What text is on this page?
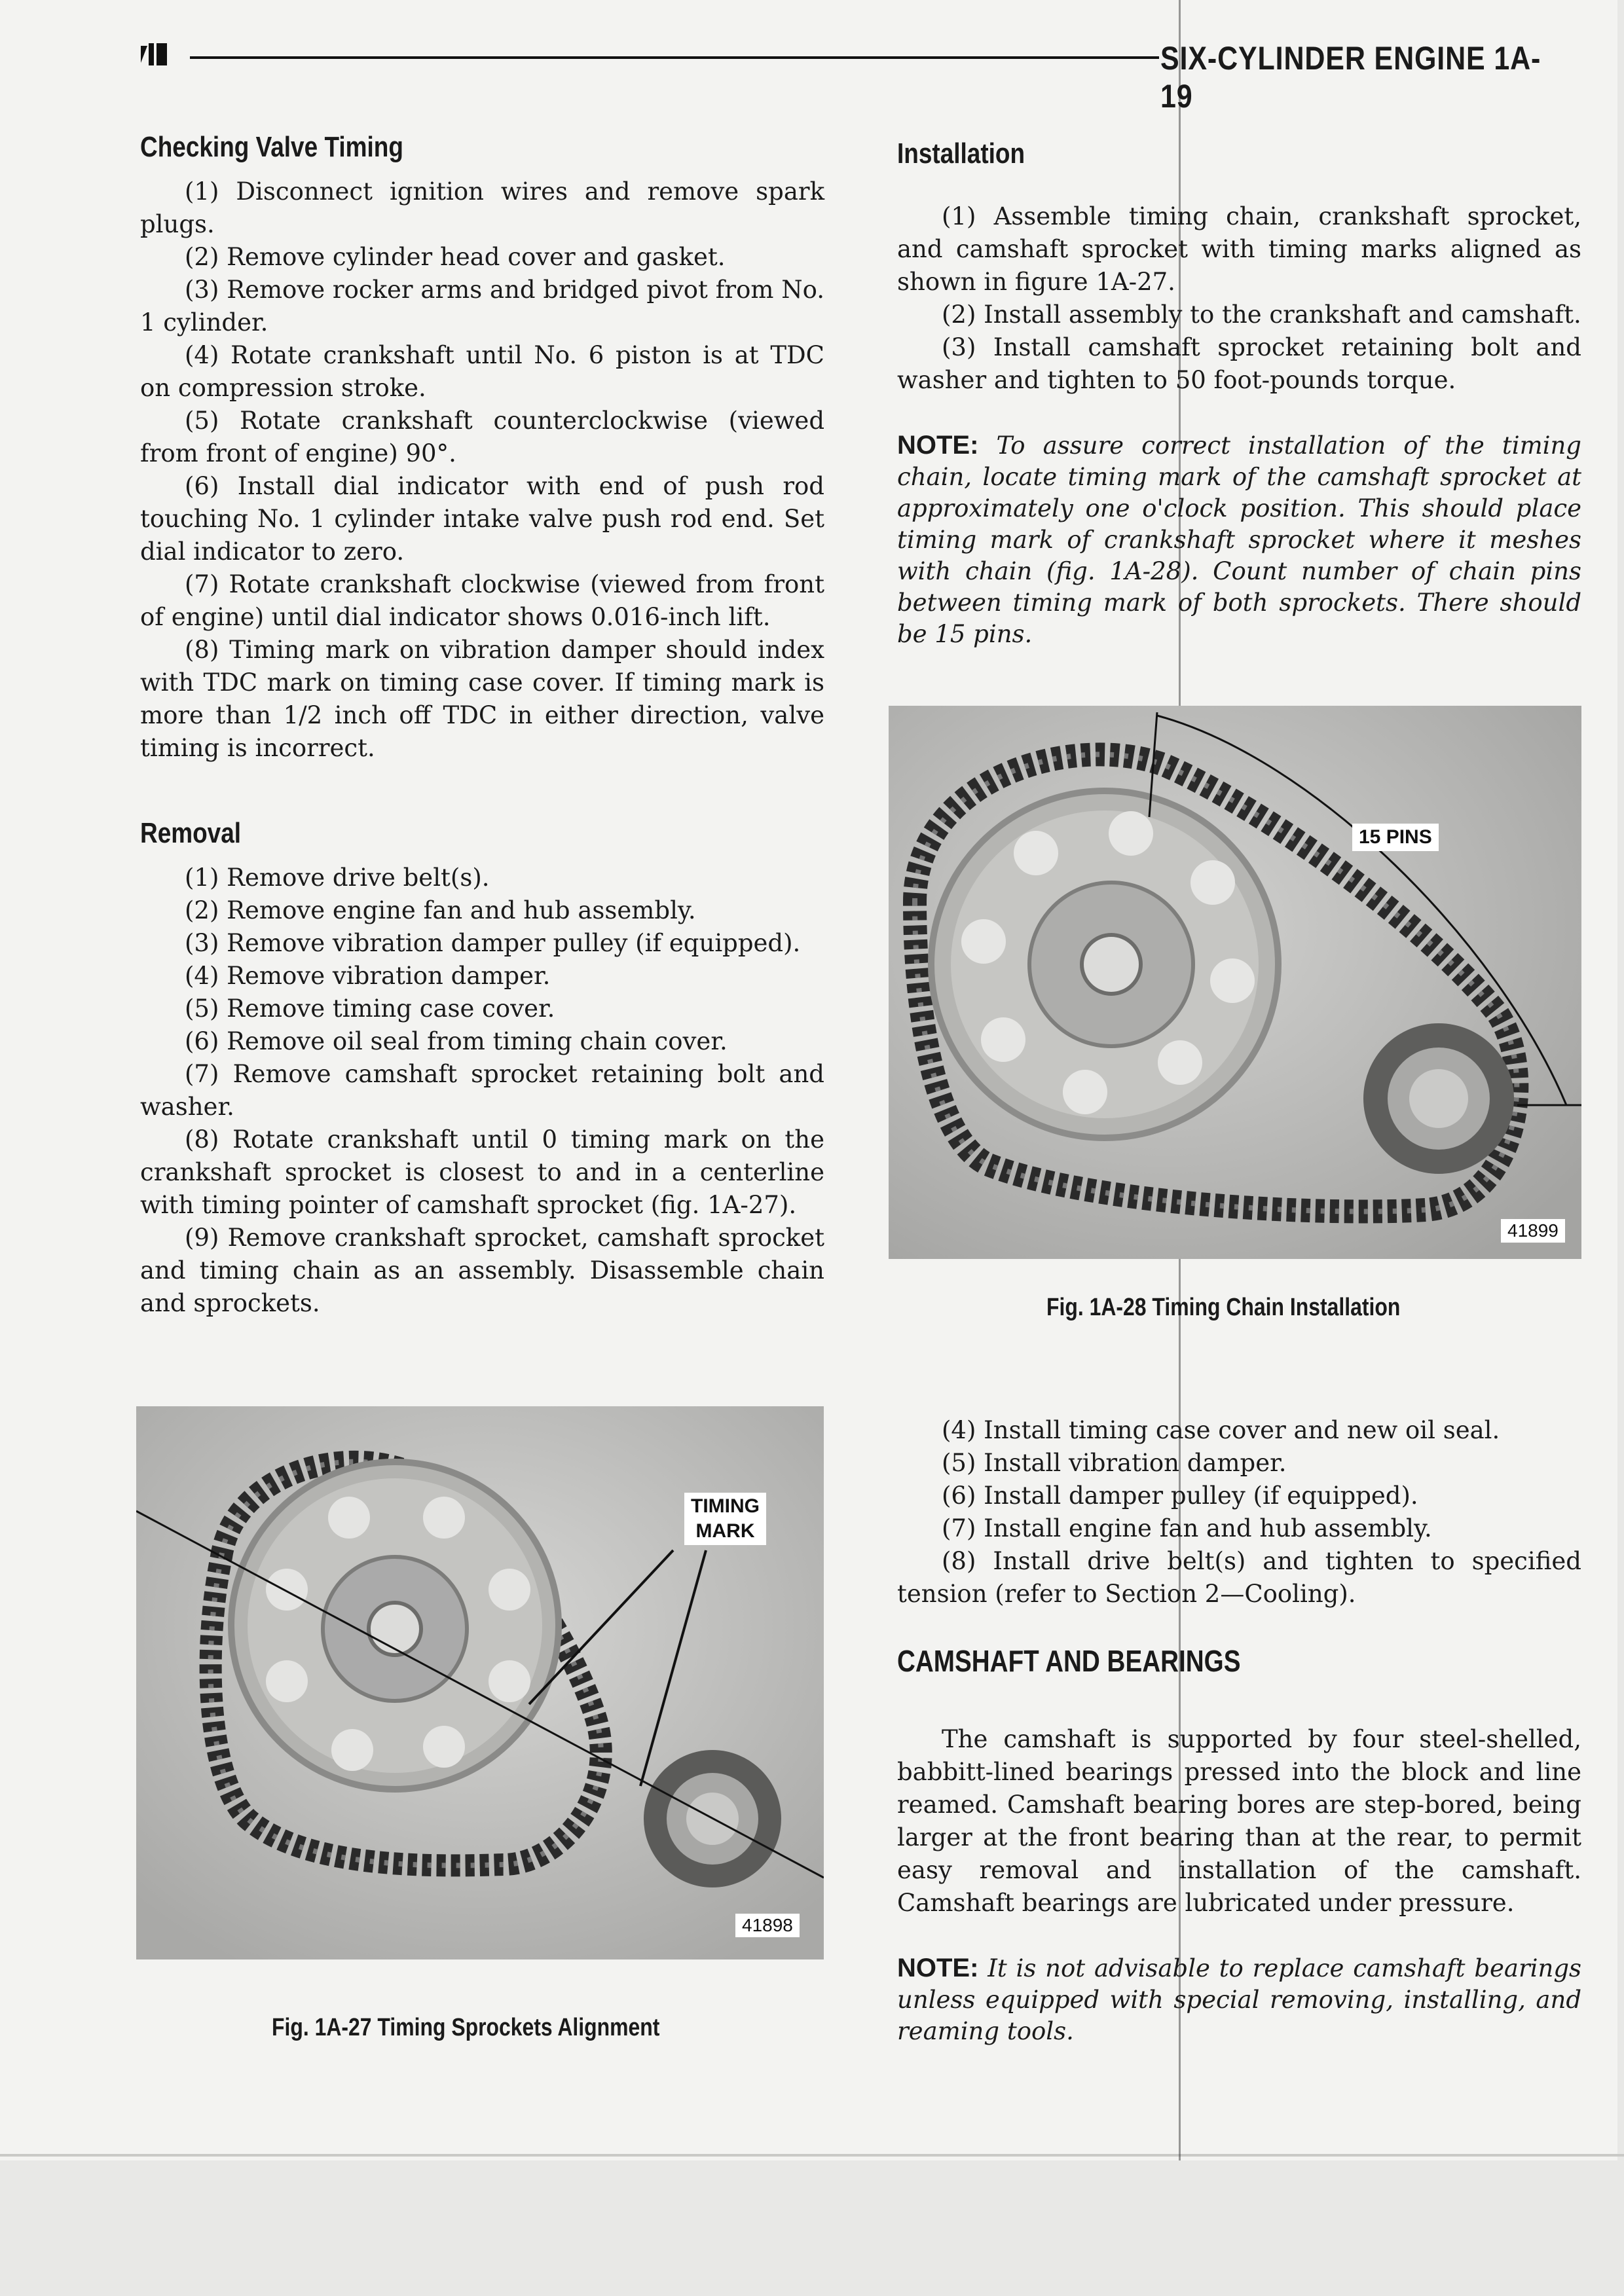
SIX-CYLINDER ENGINE 1A-19
Checking Valve Timing

(1) Disconnect ignition wires and remove spark plugs.

(2) Remove cylinder head cover and gasket.

(3) Remove rocker arms and bridged pivot from No. 1 cylinder.

(4) Rotate crankshaft until No. 6 piston is at TDC on compression stroke.

(5) Rotate crankshaft counterclockwise (viewed from front of engine) 90°.

(6) Install dial indicator with end of push rod touching No. 1 cylinder intake valve push rod end. Set dial indicator to zero.

(7) Rotate crankshaft clockwise (viewed from front of engine) until dial indicator shows 0.016-inch lift.

(8) Timing mark on vibration damper should index with TDC mark on timing case cover. If timing mark is more than 1/2 inch off TDC in either direction, valve timing is incorrect.

Removal

(1) Remove drive belt(s).

(2) Remove engine fan and hub assembly.

(3) Remove vibration damper pulley (if equipped).

(4) Remove vibration damper.

(5) Remove timing case cover.

(6) Remove oil seal from timing chain cover.

(7) Remove camshaft sprocket retaining bolt and washer.

(8) Rotate crankshaft until 0 timing mark on the crankshaft sprocket is closest to and in a centerline with timing pointer of camshaft sprocket (fig. 1A-27).

(9) Remove crankshaft sprocket, camshaft sprocket and timing chain as an assembly. Disassemble chain and sprockets.

TIMING
MARK
41898
Fig. 1A-27 Timing Sprockets Alignment
Installation

(1) Assemble timing chain, crankshaft sprocket, and camshaft sprocket with timing marks aligned as shown in figure 1A-27.

(2) Install assembly to the crankshaft and camshaft.

(3) Install camshaft sprocket retaining bolt and washer and tighten to 50 foot-pounds torque.

NOTE: To assure correct installation of the timing chain, locate timing mark of the camshaft sprocket at approximately one o'clock position. This should place timing mark of crankshaft sprocket where it meshes with chain (fig. 1A-28). Count number of chain pins between timing mark of both sprockets. There should be 15 pins.

15 PINS
41899
Fig. 1A-28 Timing Chain Installation

(4) Install timing case cover and new oil seal.

(5) Install vibration damper.

(6) Install damper pulley (if equipped).

(7) Install engine fan and hub assembly.

(8) Install drive belt(s) and tighten to specified tension (refer to Section 2—Cooling).

CAMSHAFT AND BEARINGS

The camshaft is supported by four steel-shelled, babbitt-lined bearings pressed into the block and line reamed. Camshaft bearing bores are step-bored, being larger at the front bearing than at the rear, to permit easy removal and installation of the camshaft. Camshaft bearings are lubricated under pressure.

NOTE: It is not advisable to replace camshaft bearings unless equipped with special removing, installing, and reaming tools.
